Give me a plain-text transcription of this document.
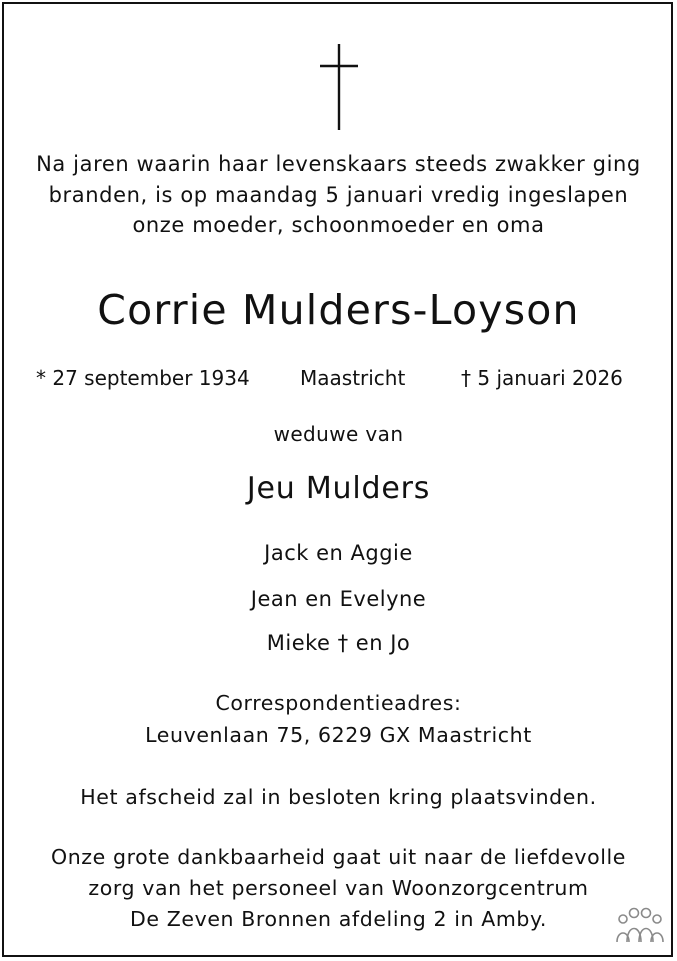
Na jaren waarin haar levenskaars steeds zwakker ging
branden, is op maandag 5 januari vredig ingeslapen
onze moeder, schoonmoeder en oma
Corrie Mulders-Loyson
* 27 september 1934	Maastricht	† 5 januari 2026
weduwe van
Jeu Mulders
Jack en Aggie
Jean en Evelyne
Mieke † en Jo
Correspondentieadres:
Leuvenlaan 75, 6229 GX Maastricht
Het afscheid zal in besloten kring plaatsvinden.
Onze grote dankbaarheid gaat uit naar de liefdevolle
zorg van het personeel van Woonzorgcentrum
De Zeven Bronnen afdeling 2 in Amby.
